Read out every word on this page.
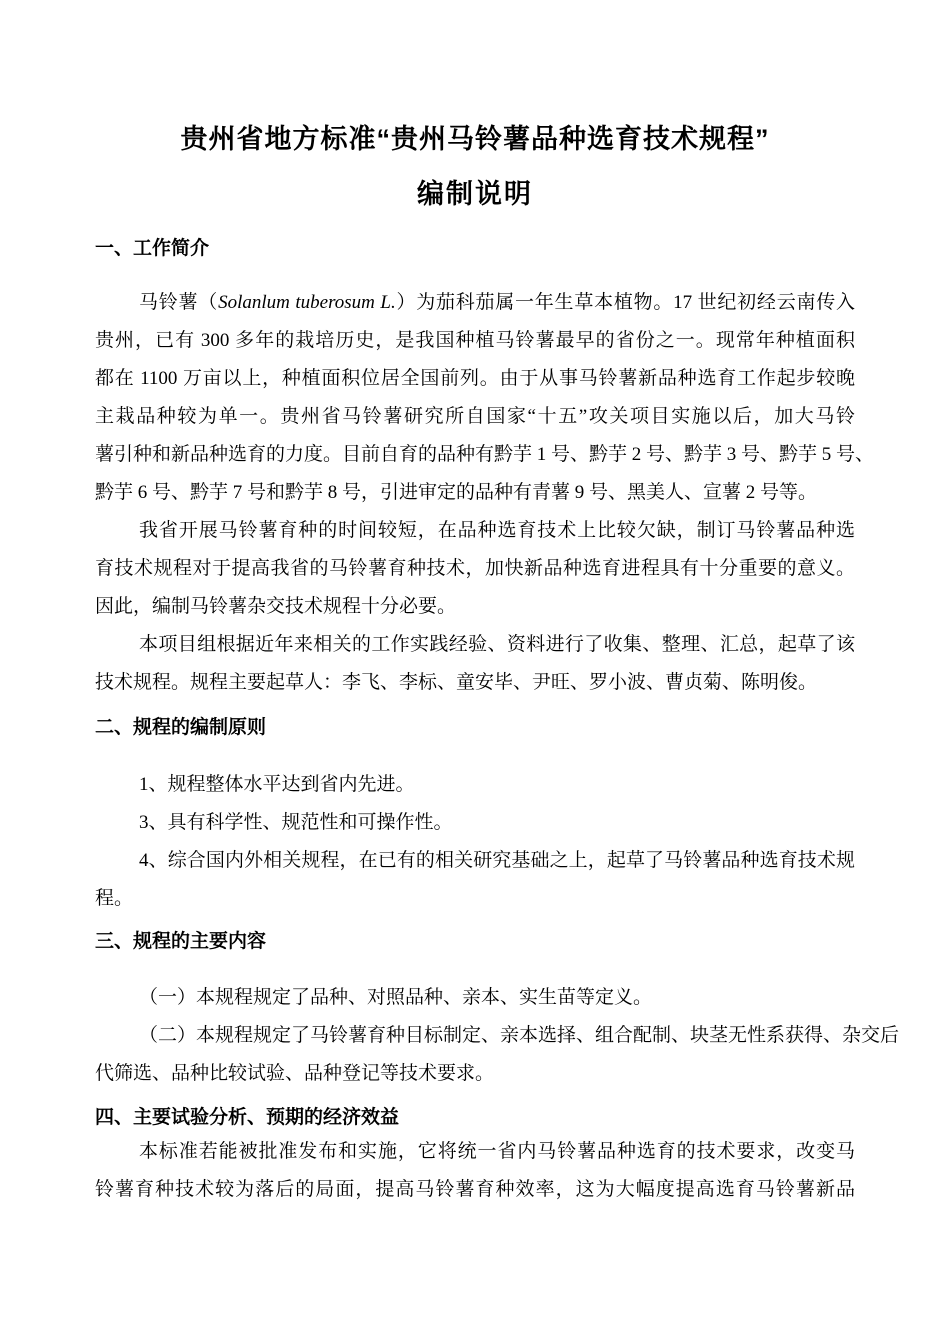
贵州省地方标准“贵州马铃薯品种选育技术规程”
编制说明
一、工作简介
马铃薯（Solanlum tuberosum L.）为茄科茄属一年生草本植物。17 世纪初经云南传入
贵州，已有 300 多年的栽培历史，是我国种植马铃薯最早的省份之一。现常年种植面积
都在 1100 万亩以上，种植面积位居全国前列。由于从事马铃薯新品种选育工作起步较晚
主栽品种较为单一。贵州省马铃薯研究所自国家“十五”攻关项目实施以后，加大马铃
薯引种和新品种选育的力度。目前自育的品种有黔芋 1 号、黔芋 2 号、黔芋 3 号、黔芋 5 号、
黔芋 6 号、黔芋 7 号和黔芋 8 号，引进审定的品种有青薯 9 号、黑美人、宣薯 2 号等。
我省开展马铃薯育种的时间较短，在品种选育技术上比较欠缺，制订马铃薯品种选
育技术规程对于提高我省的马铃薯育种技术，加快新品种选育进程具有十分重要的意义。
因此，编制马铃薯杂交技术规程十分必要。
本项目组根据近年来相关的工作实践经验、资料进行了收集、整理、汇总，起草了该
技术规程。规程主要起草人：李飞、李标、童安毕、尹旺、罗小波、曹贞菊、陈明俊。
二、规程的编制原则
1、规程整体水平达到省内先进。
3、具有科学性、规范性和可操作性。
4、综合国内外相关规程，在已有的相关研究基础之上，起草了马铃薯品种选育技术规
程。
三、规程的主要内容
（一）本规程规定了品种、对照品种、亲本、实生苗等定义。
（二）本规程规定了马铃薯育种目标制定、亲本选择、组合配制、块茎无性系获得、杂交后
代筛选、品种比较试验、品种登记等技术要求。
四、主要试验分析、预期的经济效益
本标准若能被批准发布和实施，它将统一省内马铃薯品种选育的技术要求，改变马
铃薯育种技术较为落后的局面，提高马铃薯育种效率，这为大幅度提高选育马铃薯新品
